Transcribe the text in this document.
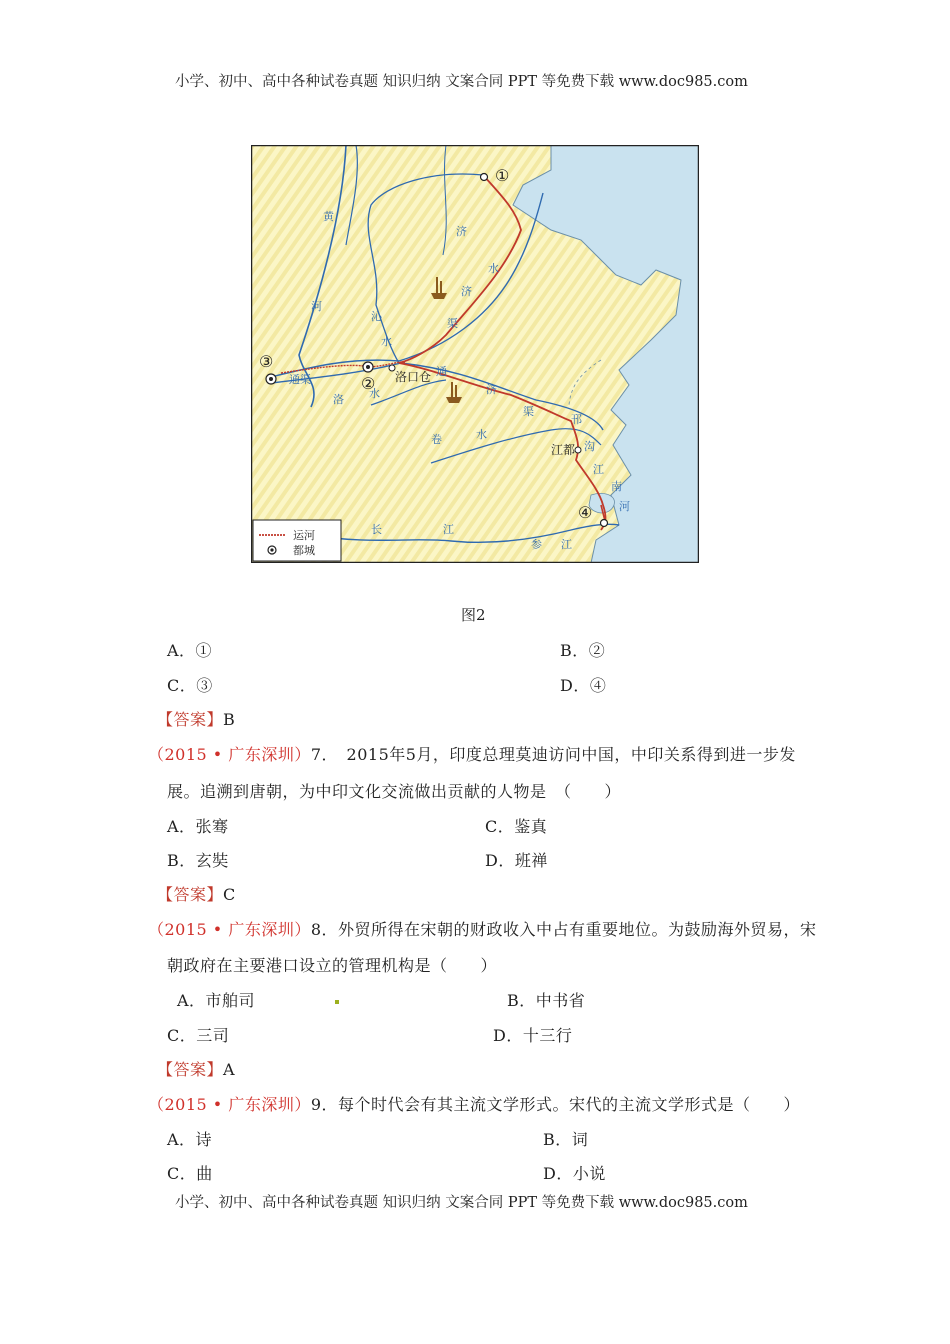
小学、初中、高中各种试卷真题 知识归纳 文案合同 PPT 等免费下载 www.doc985.com
①
②
③
④
黄
河
济
水
沁
水
济
渠
通
济
渠
洛 水
通渠
卷	水
邗
沟
长	江
江
南
河
参 江
洛口仓
江都
运河
都城
图2
A．①	B．②
C．③	D．④
【答案】B
（2015 • 广东深圳）7．　2015年5月，印度总理莫迪访问中国，中印关系得到进一步发
展。追溯到唐朝，为中印文化交流做出贡献的人物是　（　　）
A．张骞	C．鉴真
B．玄奘	D．班禅
【答案】C
（2015 • 广东深圳）8．外贸所得在宋朝的财政收入中占有重要地位。为鼓励海外贸易，宋
朝政府在主要港口设立的管理机构是（　　）
A．市舶司	B．中书省
C．三司	D．十三行
【答案】A
（2015 • 广东深圳）9．每个时代会有其主流文学形式。宋代的主流文学形式是（　　）
A．诗	B．词
C．曲	D．小说
小学、初中、高中各种试卷真题 知识归纳 文案合同 PPT 等免费下载 www.doc985.com
